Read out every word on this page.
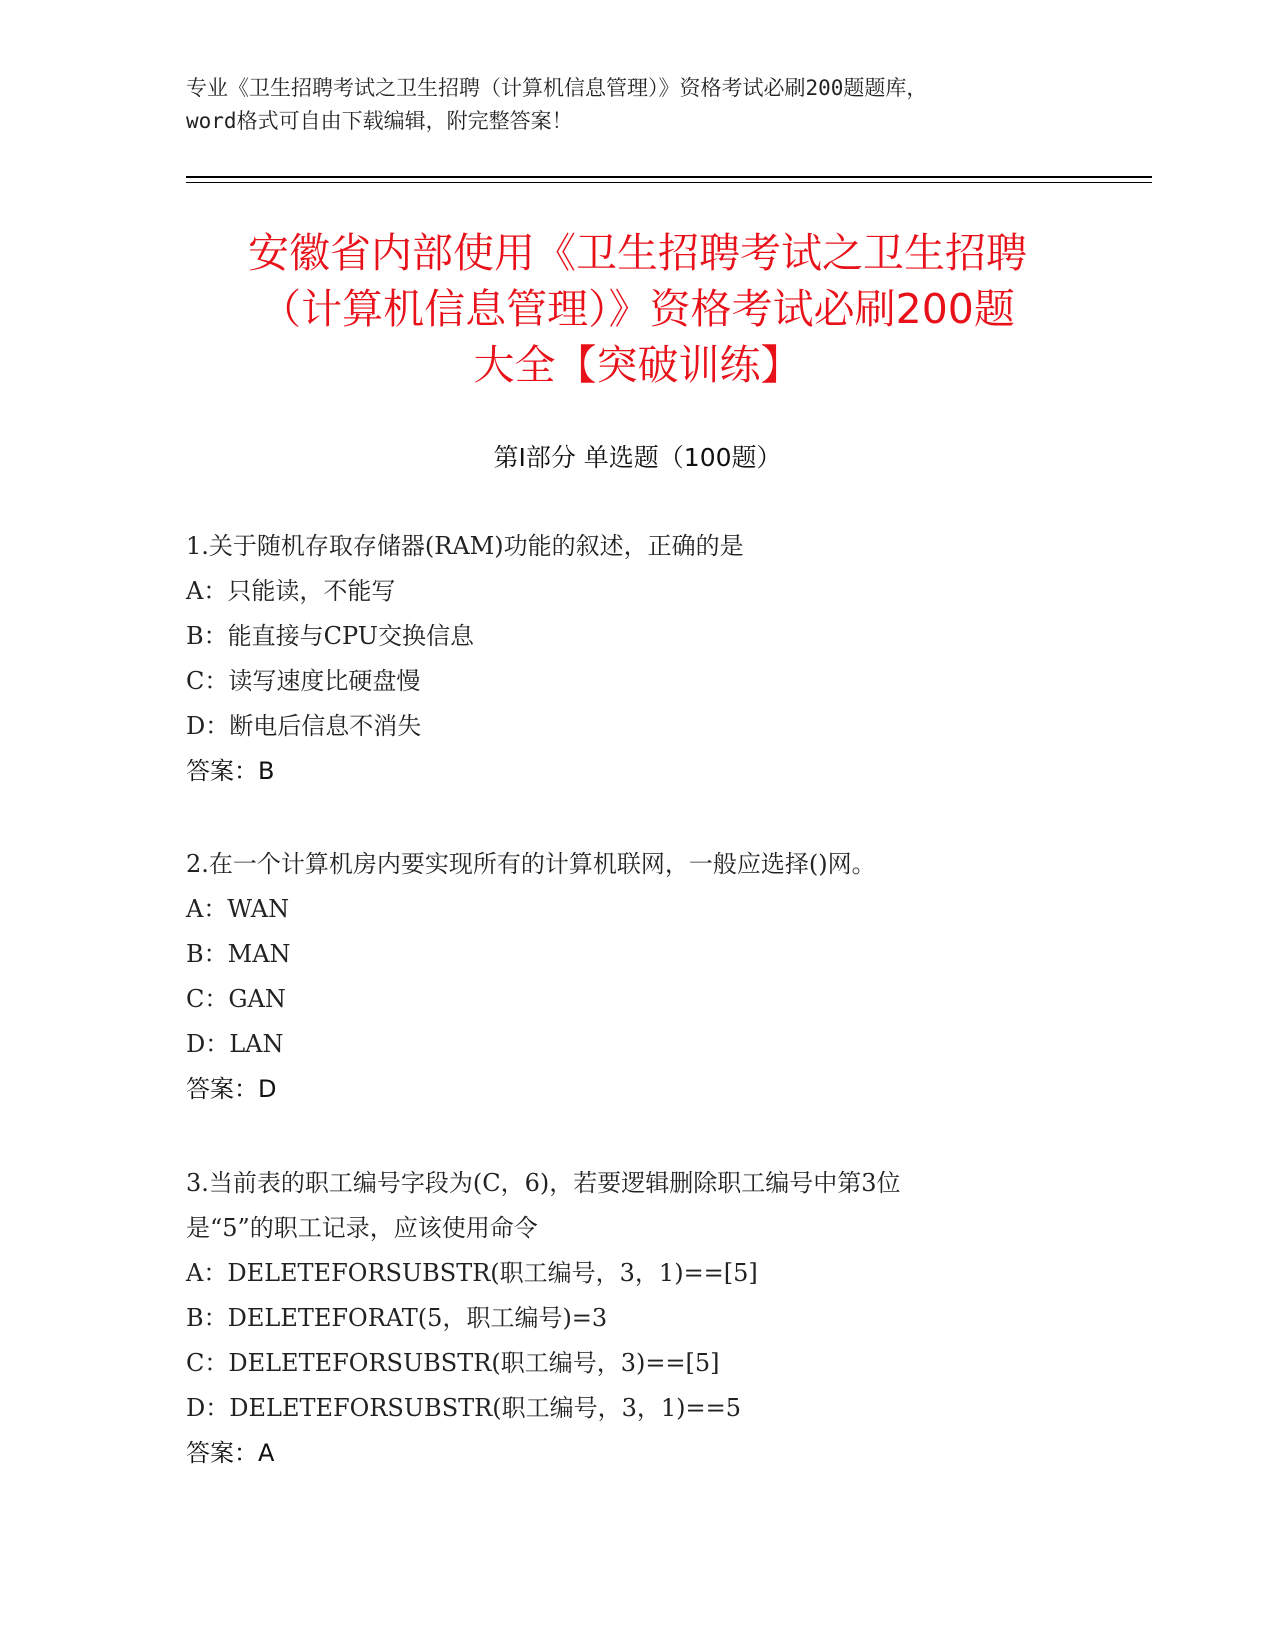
专业《卫生招聘考试之卫生招聘（计算机信息管理）》资格考试必刷200题题库，
word格式可自由下载编辑，附完整答案！
安徽省内部使用《卫生招聘考试之卫生招聘
（计算机信息管理）》资格考试必刷200题
大全【突破训练】
第I部分 单选题（100题）
1.关于随机存取存储器(RAM)功能的叙述，正确的是
A：只能读，不能写
B：能直接与CPU交换信息
C：读写速度比硬盘慢
D：断电后信息不消失
答案：B
2.在一个计算机房内要实现所有的计算机联网，一般应选择()网。
A：WAN
B：MAN
C：GAN
D：LAN
答案：D
3.当前表的职工编号字段为(C，6)，若要逻辑删除职工编号中第3位
是“5”的职工记录，应该使用命令
A：DELETEFORSUBSTR(职工编号，3，1)==[5]
B：DELETEFORAT(5，职工编号)=3
C：DELETEFORSUBSTR(职工编号，3)==[5]
D：DELETEFORSUBSTR(职工编号，3，1)==5
答案：A
